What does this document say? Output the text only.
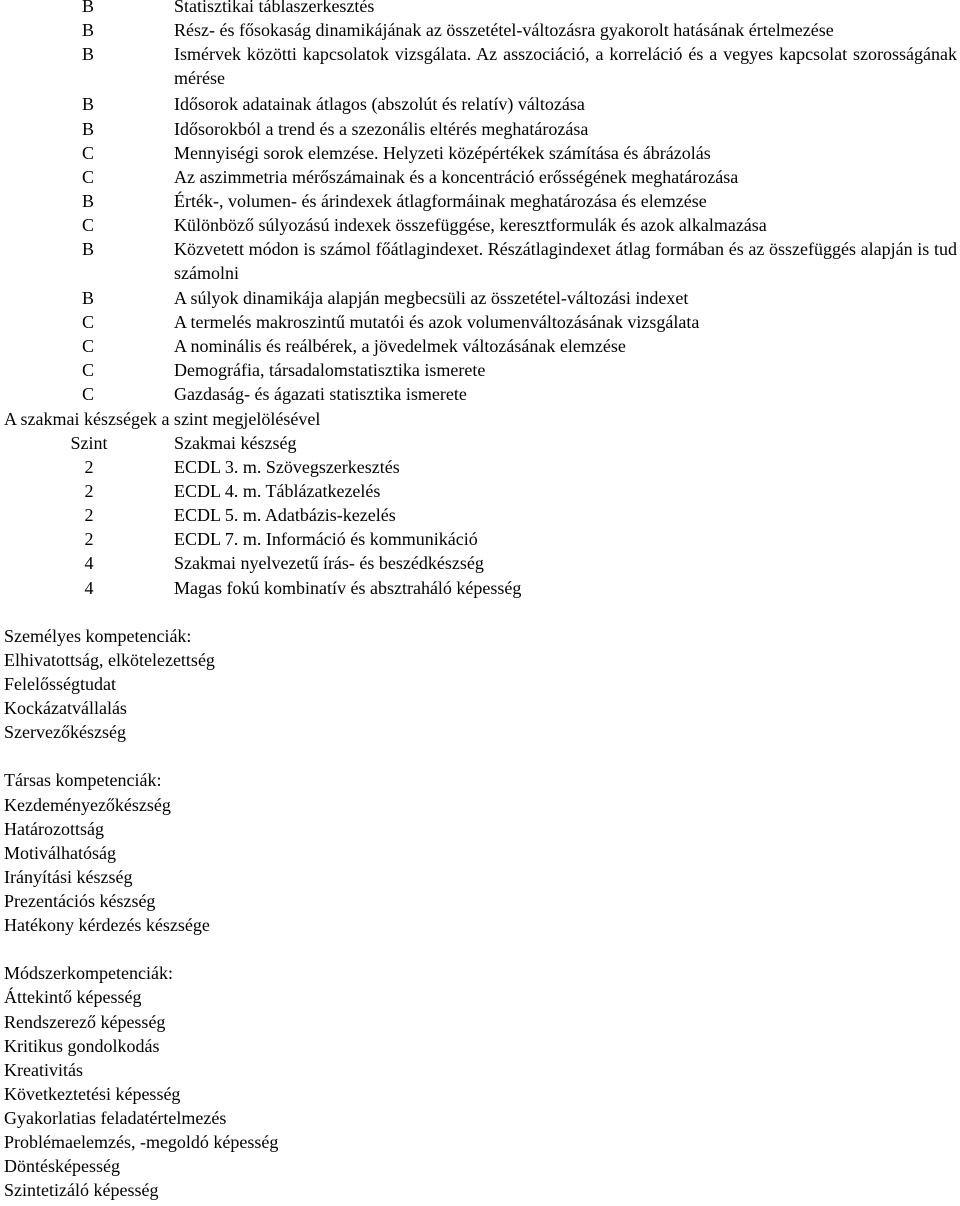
B	Statisztikai táblaszerkesztés
B	Rész- és fősokaság dinamikájának az összetétel-változásra gyakorolt hatásának értelmezése
B	Ismérvek közötti kapcsolatok vizsgálata. Az asszociáció, a korreláció és a vegyes kapcsolat szorosságának mérése
B	Idősorok adatainak átlagos (abszolút és relatív) változása
B	Idősorokból a trend és a szezonális eltérés meghatározása
C	Mennyiségi sorok elemzése. Helyzeti középértékek számítása és ábrázolás
C	Az aszimmetria mérőszámainak és a koncentráció erősségének meghatározása
B	Érték-, volumen- és árindexek átlagformáinak meghatározása és elemzése
C	Különböző súlyozású indexek összefüggése, keresztformulák és azok alkalmazása
B	Közvetett módon is számol főátlagindexet. Részátlagindexet átlag formában és az összefüggés alapján is tud számolni
B	A súlyok dinamikája alapján megbecsüli az összetétel-változási indexet
C	A termelés makroszintű mutatói és azok volumenváltozásának vizsgálata
C	A nominális és reálbérek, a jövedelmek változásának elemzése
C	Demográfia, társadalomstatisztika ismerete
C	Gazdaság- és ágazati statisztika ismerete
A szakmai készségek a szint megjelölésével
Szint	Szakmai készség
2	ECDL 3. m. Szövegszerkesztés
2	ECDL 4. m. Táblázatkezelés
2	ECDL 5. m. Adatbázis-kezelés
2	ECDL 7. m. Információ és kommunikáció
4	Szakmai nyelvezetű írás- és beszédkészség
4	Magas fokú kombinatív és absztraháló képesség
Személyes kompetenciák:
Elhivatottság, elkötelezettség
Felelősségtudat
Kockázatvállalás
Szervezőkészség
Társas kompetenciák:
Kezdeményezőkészség
Határozottság
Motiválhatóság
Irányítási készség
Prezentációs készség
Hatékony kérdezés készsége
Módszerkompetenciák:
Áttekintő képesség
Rendszerező képesség
Kritikus gondolkodás
Kreativitás
Következtetési képesség
Gyakorlatias feladatértelmezés
Problémaelemzés, -megoldó képesség
Döntésképesség
Szintetizáló képesség
